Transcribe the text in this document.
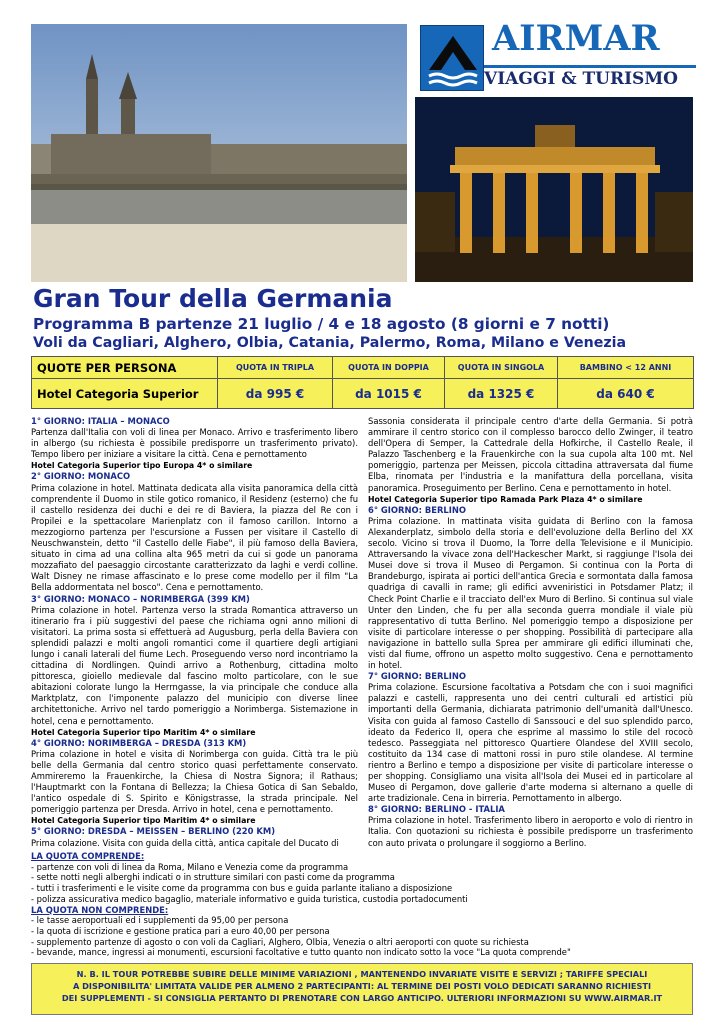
AIRMAR
VIAGGI & TURISMO
Gran Tour della Germania
Programma B partenze 21 luglio / 4 e 18 agosto (8 giorni e 7 notti)
Voli da Cagliari, Alghero, Olbia, Catania, Palermo, Roma, Milano e Venezia
QUOTE PER PERSONA	QUOTA IN TRIPLA	QUOTA IN DOPPIA	QUOTA IN SINGOLA	BAMBINO < 12 ANNI
Hotel Categoria Superior	da 995 €	da 1015 €	da 1325 €	da 640 €

1° GIORNO: ITALIA – MONACO

Partenza dall'Italia con voli di linea per Monaco. Arrivo e trasferimento libero in albergo (su richiesta è possibile predisporre un trasferimento privato). Tempo libero per iniziare a visitare la città. Cena e pernottamento

Hotel Categoria Superior tipo Europa 4* o similare

2° GIORNO: MONACO

Prima colazione in hotel. Mattinata dedicata alla visita panoramica della città comprendente il Duomo in stile gotico romanico, il Residenz (esterno) che fu il castello residenza dei duchi e dei re di Baviera, la piazza del Re con i Propilei e la spettacolare Marienplatz con il famoso carillon. Intorno a mezzogiorno partenza per l'escursione a Fussen per visitare il Castello di Neuschwanstein, detto "il Castello delle Fiabe", il più famoso della Baviera, situato in cima ad una collina alta 965 metri da cui si gode un panorama mozzafiato del paesaggio circostante caratterizzato da laghi e verdi colline. Walt Disney ne rimase affascinato e lo prese come modello per il film "La Bella addormentata nel bosco". Cena e pernottamento.

3° GIORNO: MONACO – NORIMBERGA (399 KM)

Prima colazione in hotel. Partenza verso la strada Romantica attraverso un itinerario fra i più suggestivi del paese che richiama ogni anno milioni di visitatori. La prima sosta si effettuerà ad Augusburg, perla della Baviera con splendidi palazzi e molti angoli romantici come il quartiere degli artigiani lungo i canali laterali del fiume Lech. Proseguendo verso nord incontriamo la cittadina di Nordlingen. Quindi arrivo a Rothenburg, cittadina molto pittoresca, gioiello medievale dal fascino molto particolare, con le sue abitazioni colorate lungo la Herrngasse, la via principale che conduce alla Marktplatz, con l'imponente palazzo del municipio con diverse linee architettoniche. Arrivo nel tardo pomeriggio a Norimberga. Sistemazione in hotel, cena e pernottamento.

Hotel Categoria Superior tipo Maritim 4* o similare

4° GIORNO: NORIMBERGA – DRESDA (313 KM)

Prima colazione in hotel e visita di Norimberga con guida. Città tra le più belle della Germania dal centro storico quasi perfettamente conservato. Ammireremo la Frauenkirche, la Chiesa di Nostra Signora; il Rathaus; l'Hauptmarkt con la Fontana di Bellezza; la Chiesa Gotica di San Sebaldo, l'antico ospedale di S. Spirito e Königstrasse, la strada principale. Nel pomeriggio partenza per Dresda. Arrivo in hotel, cena e pernottamento.

Hotel Categoria Superior tipo Maritim 4* o similare

5° GIORNO: DRESDA – MEISSEN – BERLINO (220 KM)

Prima colazione. Visita con guida della città, antica capitale del Ducato di

Sassonia considerata il principale centro d'arte della Germania. Si potrà ammirare il centro storico con il complesso barocco dello Zwinger, il teatro dell'Opera di Semper, la Cattedrale della Hofkirche, il Castello Reale, il Palazzo Taschenberg e la Frauenkirche con la sua cupola alta 100 mt. Nel pomeriggio, partenza per Meissen, piccola cittadina attraversata dal fiume Elba, rinomata per l'industria e la manifattura della porcellana, visita panoramica. Proseguimento per Berlino. Cena e pernottamento in hotel.

Hotel Categoria Superior tipo Ramada Park Plaza 4* o similare

6° GIORNO: BERLINO

Prima colazione. In mattinata visita guidata di Berlino con la famosa Alexanderplatz, simbolo della storia e dell'evoluzione della Berlino del XX secolo. Vicino si trova il Duomo, la Torre della Televisione e il Municipio. Attraversando la vivace zona dell'Hackescher Markt, si raggiunge l'Isola dei Musei dove si trova il Museo di Pergamon. Si continua con la Porta di Brandeburgo, ispirata ai portici dell'antica Grecia e sormontata dalla famosa quadriga di cavalli in rame; gli edifici avveniristici in Potsdamer Platz; il Check Point Charlie e il tracciato dell'ex Muro di Berlino. Si continua sul viale Unter den Linden, che fu per alla seconda guerra mondiale il viale più rappresentativo di tutta Berlino. Nel pomeriggio tempo a disposizione per visite di particolare interesse o per shopping. Possibilità di partecipare alla navigazione in battello sulla Sprea per ammirare gli edifici illuminati che, visti dal fiume, offrono un aspetto molto suggestivo. Cena e pernottamento in hotel.

7° GIORNO: BERLINO

Prima colazione. Escursione facoltativa a Potsdam che con i suoi magnifici palazzi e castelli, rappresenta uno dei centri culturali ed artistici più importanti della Germania, dichiarata patrimonio dell'umanità dall'Unesco. Visita con guida al famoso Castello di Sanssouci e del suo splendido parco, ideato da Federico II, opera che esprime al massimo lo stile del rococò tedesco. Passeggiata nel pittoresco Quartiere Olandese del XVIII secolo, costituito da 134 case di mattoni rossi in puro stile olandese. Al termine rientro a Berlino e tempo a disposizione per visite di particolare interesse o per shopping. Consigliamo una visita all'Isola dei Musei ed in particolare al Museo di Pergamon, dove gallerie d'arte moderna si alternano a quelle di arte tradizionale. Cena in birreria. Pernottamento in albergo.

8° GIORNO: BERLINO - ITALIA

Prima colazione in hotel. Trasferimento libero in aeroporto e volo di rientro in Italia. Con quotazioni su richiesta è possibile predisporre un trasferimento con auto privata o prolungare il soggiorno a Berlino.

LA QUOTA COMPRENDE:
- partenze con voli di linea da Roma, Milano e Venezia come da programma
- sette notti negli alberghi indicati o in strutture similari con pasti come da programma
- tutti i trasferimenti e le visite come da programma con bus e guida parlante italiano a disposizione
- polizza assicurativa medico bagaglio, materiale informativo e guida turistica, custodia portadocumenti
LA QUOTA NON COMPRENDE:
- le tasse aeroportuali ed i supplementi da 95,00 per persona
- la quota di iscrizione e gestione pratica pari a euro 40,00 per persona
- supplemento partenze di agosto o con voli da Cagliari, Alghero, Olbia, Venezia o altri aeroporti con quote su richiesta
- bevande, mance, ingressi ai monumenti, escursioni facoltative e tutto quanto non indicato sotto la voce "La quota comprende"
N. B. IL TOUR POTREBBE SUBIRE DELLE MINIME VARIAZIONI , MANTENENDO INVARIATE VISITE E SERVIZI ; TARIFFE SPECIALI
A DISPONIBILITA' LIMITATA VALIDE PER ALMENO 2 PARTECIPANTI: AL TERMINE DEI POSTI VOLO DEDICATI SARANNO RICHIESTI
DEI SUPPLEMENTI - SI CONSIGLIA PERTANTO DI PRENOTARE CON LARGO ANTICIPO. ULTERIORI INFORMAZIONI SU WWW.AIRMAR.IT
